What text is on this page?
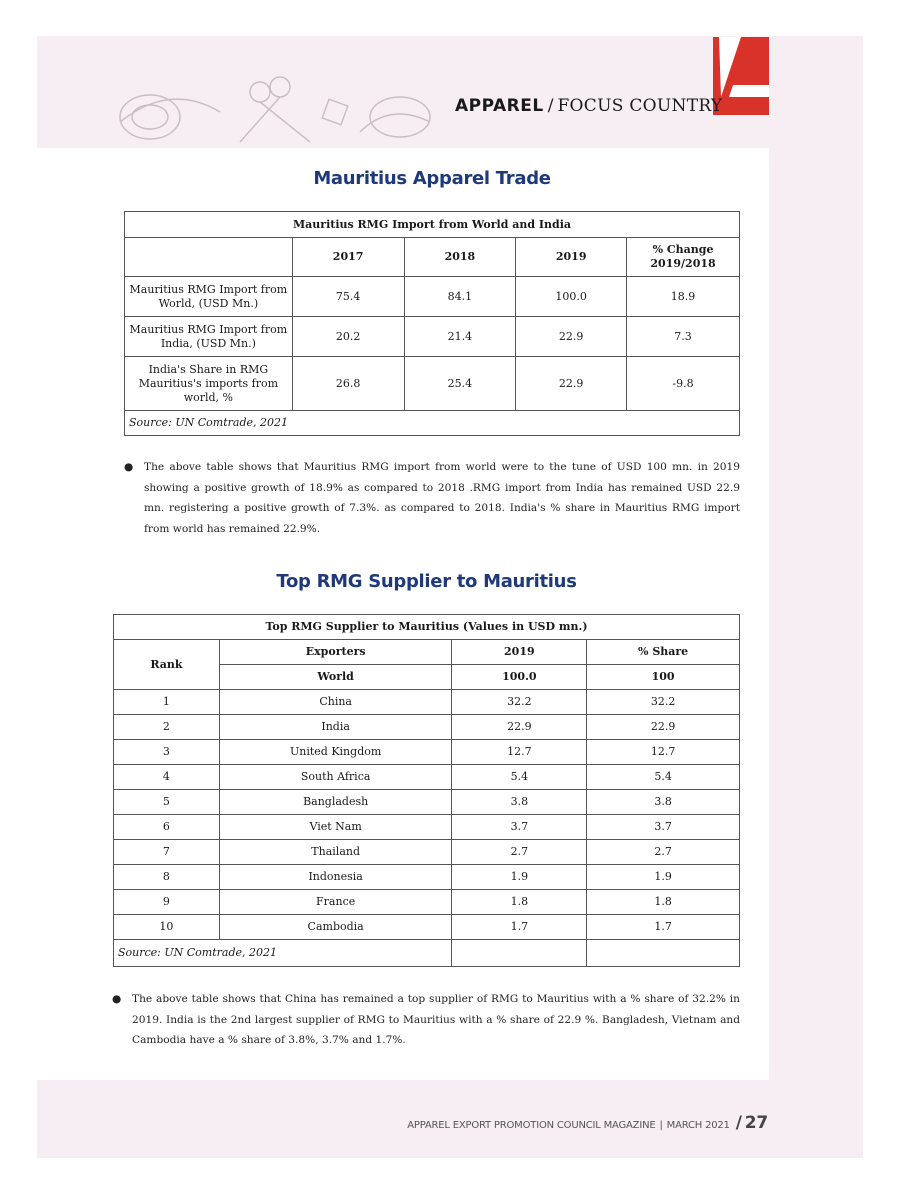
APPAREL / FOCUS COUNTRY
Mauritius Apparel Trade
Mauritius RMG Import from World and India				
	2017	2018	2019	% Change 2019/2018
Mauritius RMG Import from World, (USD Mn.)	75.4	84.1	100.0	18.9
Mauritius RMG Import from India, (USD Mn.)	20.2	21.4	22.9	7.3
India's Share in RMG Mauritius's imports from world, %	26.8	25.4	22.9	-9.8
Source: UN Comtrade, 2021				
● The above table shows that Mauritius RMG import from world were to the tune of USD 100 mn. in 2019 showing a positive growth of 18.9% as compared to 2018 .RMG import from India has remained USD 22.9 mn. registering a positive growth of 7.3%. as compared to 2018. India's % share in Mauritius RMG import from world has remained 22.9%.
Top RMG Supplier to Mauritius
Top RMG Supplier to Mauritius (Values in USD mn.)			
Rank	Exporters	2019	% Share
	World	100.0	100
1	China	32.2	32.2
2	India	22.9	22.9
3	United Kingdom	12.7	12.7
4	South Africa	5.4	5.4
5	Bangladesh	3.8	3.8
6	Viet Nam	3.7	3.7
7	Thailand	2.7	2.7
8	Indonesia	1.9	1.9
9	France	1.8	1.8
10	Cambodia	1.7	1.7
Source: UN Comtrade, 2021			
● The above table shows that China has remained a top supplier of RMG to Mauritius with a % share of 32.2% in 2019. India is the 2nd largest supplier of RMG to Mauritius with a % share of 22.9 %. Bangladesh, Vietnam and Cambodia have a % share of 3.8%, 3.7% and 1.7%.
APPAREL EXPORT PROMOTION COUNCIL MAGAZINE | MARCH 2021 / 27
